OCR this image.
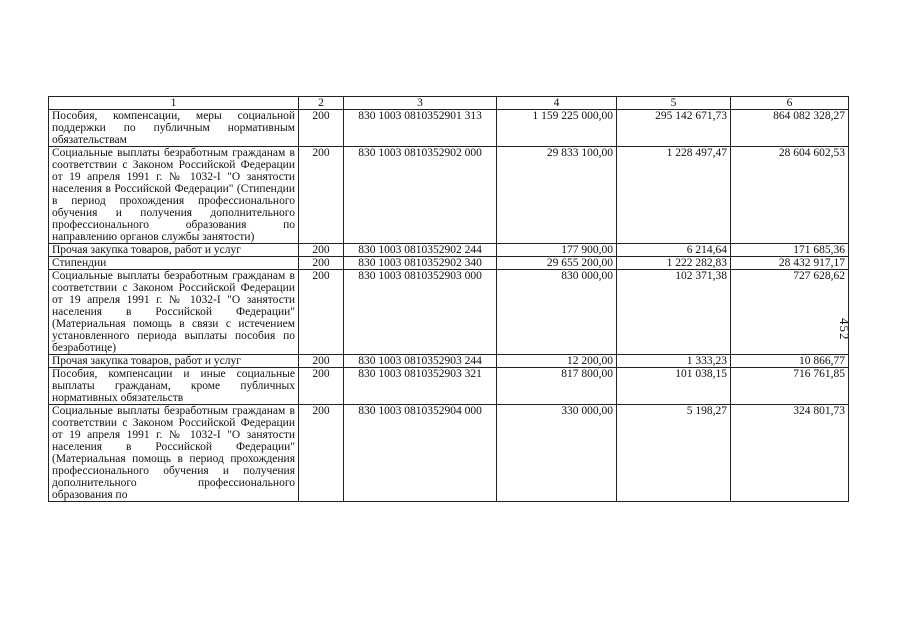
1	2	3	4	5	6
Пособия, компенсации, меры социальной поддержки по публичным нормативным обязательствам	200	830 1003 0810352901 313	1 159 225 000,00	295 142 671,73	864 082 328,27
Социальные выплаты безработным гражданам в соответствии с Законом Российской Федерации от 19 апреля 1991 г. № 1032-I "О занятости населения в Российской Федерации" (Стипендии в период прохождения профессионального обучения и получения дополнительного профессионального образования по направлению органов службы занятости)	200	830 1003 0810352902 000	29 833 100,00	1 228 497,47	28 604 602,53
Прочая закупка товаров, работ и услуг	200	830 1003 0810352902 244	177 900,00	6 214,64	171 685,36
Стипендии	200	830 1003 0810352902 340	29 655 200,00	1 222 282,83	28 432 917,17
Социальные выплаты безработным гражданам в соответствии с Законом Российской Федерации от 19 апреля 1991 г. № 1032-I "О занятости населения в Российской Федерации" (Материальная помощь в связи с истечением установленного периода выплаты пособия по безработице)	200	830 1003 0810352903 000	830 000,00	102 371,38	727 628,62
Прочая закупка товаров, работ и услуг	200	830 1003 0810352903 244	12 200,00	1 333,23	10 866,77
Пособия, компенсации и иные социальные выплаты гражданам, кроме публичных нормативных обязательств	200	830 1003 0810352903 321	817 800,00	101 038,15	716 761,85
Социальные выплаты безработным гражданам в соответствии с Законом Российской Федерации от 19 апреля 1991 г. № 1032-I "О занятости населения в Российской Федерации" (Материальная помощь в период прохождения профессионального обучения и получения дополнительного профессионального образования по	200	830 1003 0810352904 000	330 000,00	5 198,27	324 801,73
452
